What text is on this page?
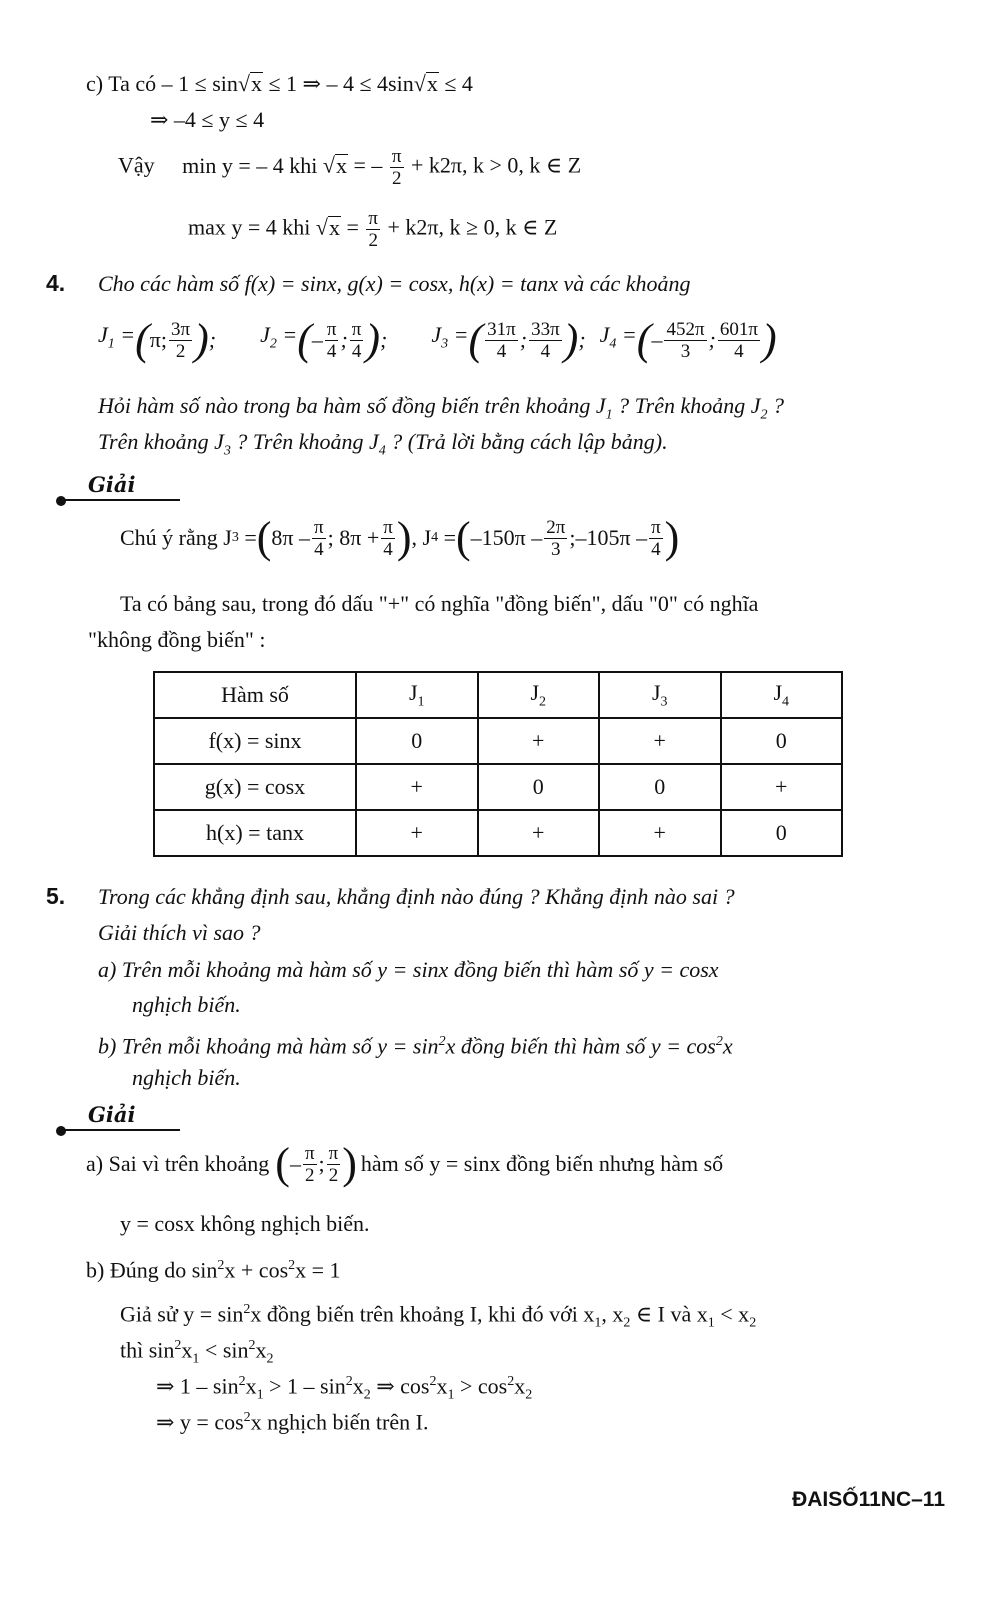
c) Ta có – 1 ≤ sin√x ≤ 1 ⇒ – 4 ≤ 4sin√x ≤ 4
⇒ –4 ≤ y ≤ 4
Vậy min y = – 4 khi √x = – $\frac{\pi}{2} + k2\pi$, k > 0, k ∈ Z
max y = 4 khi $√x = \frac{\pi}{2} + k2\pi$, k ≥ 0, k ∈ Z
4. Cho các hàm số f(x) = sinx, g(x) = cosx, h(x) = tanx và các khoảng
$J_1$ = ( π; $\frac{3\pi}{2}$ ) ; $J_2$ = ( – $\frac{\pi}{4}$ ; $\frac{\pi}{4}$ ) ; $J_3$ = ( $\frac{31\pi}{4}$ ; $\frac{33\pi}{4}$ ) ; $J_4$ = ( – $\frac{452\pi}{3}$ ; $\frac{601\pi}{4}$ )
Hỏi hàm số nào trong ba hàm số đồng biến trên khoảng $J_1$ ? Trên khoảng $J_2$ ?
Trên khoảng $J_3$ ? Trên khoảng $J_4$ ? (Trả lời bằng cách lập bảng).
Giải
Chú ý rằng J 3 = ( $8\pi - \frac{\pi}{4}$ ; $8\pi + \frac{\pi}{4}$ ) , J 4 = ( $-150\pi - \frac{2\pi}{3}$ ;–105π – $\frac{\pi}{4}$ )
Ta có bảng sau, trong đó dấu "+" có nghĩa "đồng biến", dấu "0" có nghĩa
"không đồng biến" :
Hàm số	$J_1$	$J_2$	$J_3$	$J_4$
f(x) = sinx	0	+	+	0
g(x) = cosx	+	0	0	+
h(x) = tanx	+	+	+	0
5. Trong các khẳng định sau, khẳng định nào đúng ? Khẳng định nào sai ?
Giải thích vì sao ?
a) Trên mỗi khoảng mà hàm số y = sinx đồng biến thì hàm số y = cosx
nghịch biến.
b) Trên mỗi khoảng mà hàm số $y = \sin^2x$ đồng biến thì hàm số $y = \cos^2x$
nghịch biến.
Giải
a) Sai vì trên khoảng ( – $\frac{\pi}{2}$ ; $\frac{\pi}{2}$ ) hàm số y = sinx đồng biến nhưng hàm số
y = cosx không nghịch biến.
b) Đúng do $\sin^2x + \cos^2x = 1$
Giả sử $y = \sin^2x$ đồng biến trên khoảng I, khi đó với $x_1$, $x_2$ ∈ I và $x_1 < x_2$
thì $\sin^2x_1 < \sin^2x_2$
⇒ $1 - \sin^2x_1 > 1 - \sin^2x_2$ ⇒ $\cos^2x_1 > \cos^2x_2$
⇒ $y = \cos^2x$ nghịch biến trên I.
ĐAISỐ11NC–11
